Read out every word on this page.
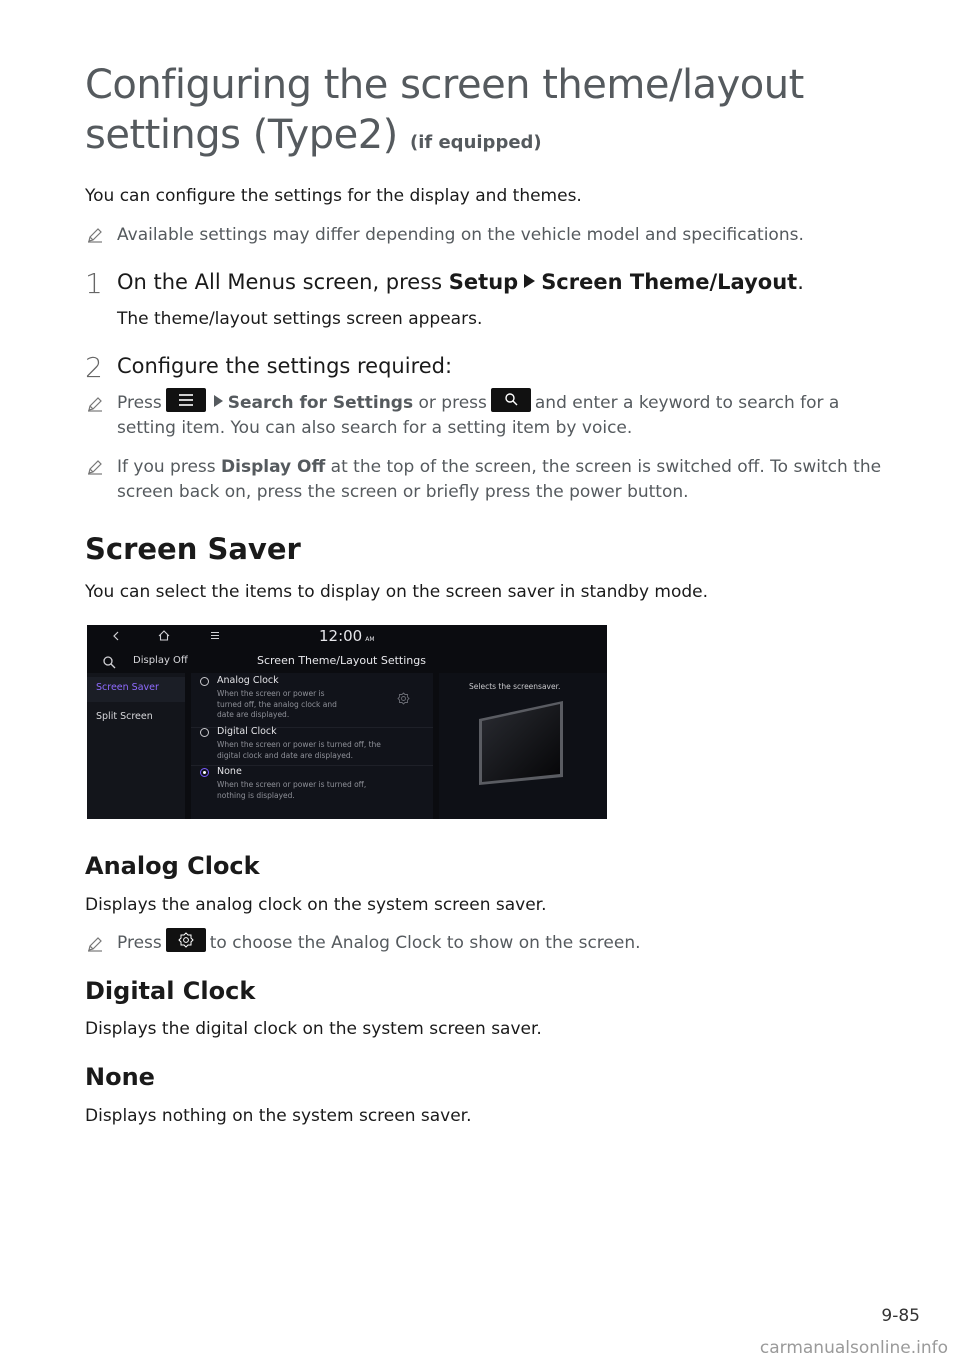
Configuring the screen theme/layout
settings (Type2) (if equipped)
You can configure the settings for the display and themes.
Available settings may differ depending on the vehicle model and specifications.
1 On the All Menus screen, press Setup Screen Theme/Layout.
The theme/layout settings screen appears.
2 Configure the settings required:
Press	Search for Settings or press	and enter a keyword to search for a
setting item. You can also search for a setting item by voice.
If you press Display Off at the top of the screen, the screen is switched off. To switch the
screen back on, press the screen or briefly press the power button.
Screen Saver
You can select the items to display on the screen saver in standby mode.
12:00 AM
Display Off	Screen Theme/Layout Settings
Screen Saver
Split Screen
Analog Clock
When the screen or power is
turned off, the analog clock and
date are displayed.
Digital Clock
When the screen or power is turned off, the
digital clock and date are displayed.
None
When the screen or power is turned off,
nothing is displayed.
Selects the screensaver.
Analog Clock
Displays the analog clock on the system screen saver.
Press	to choose the Analog Clock to show on the screen.
Digital Clock
Displays the digital clock on the system screen saver.
None
Displays nothing on the system screen saver.
9-85
carmanualsonline.info
